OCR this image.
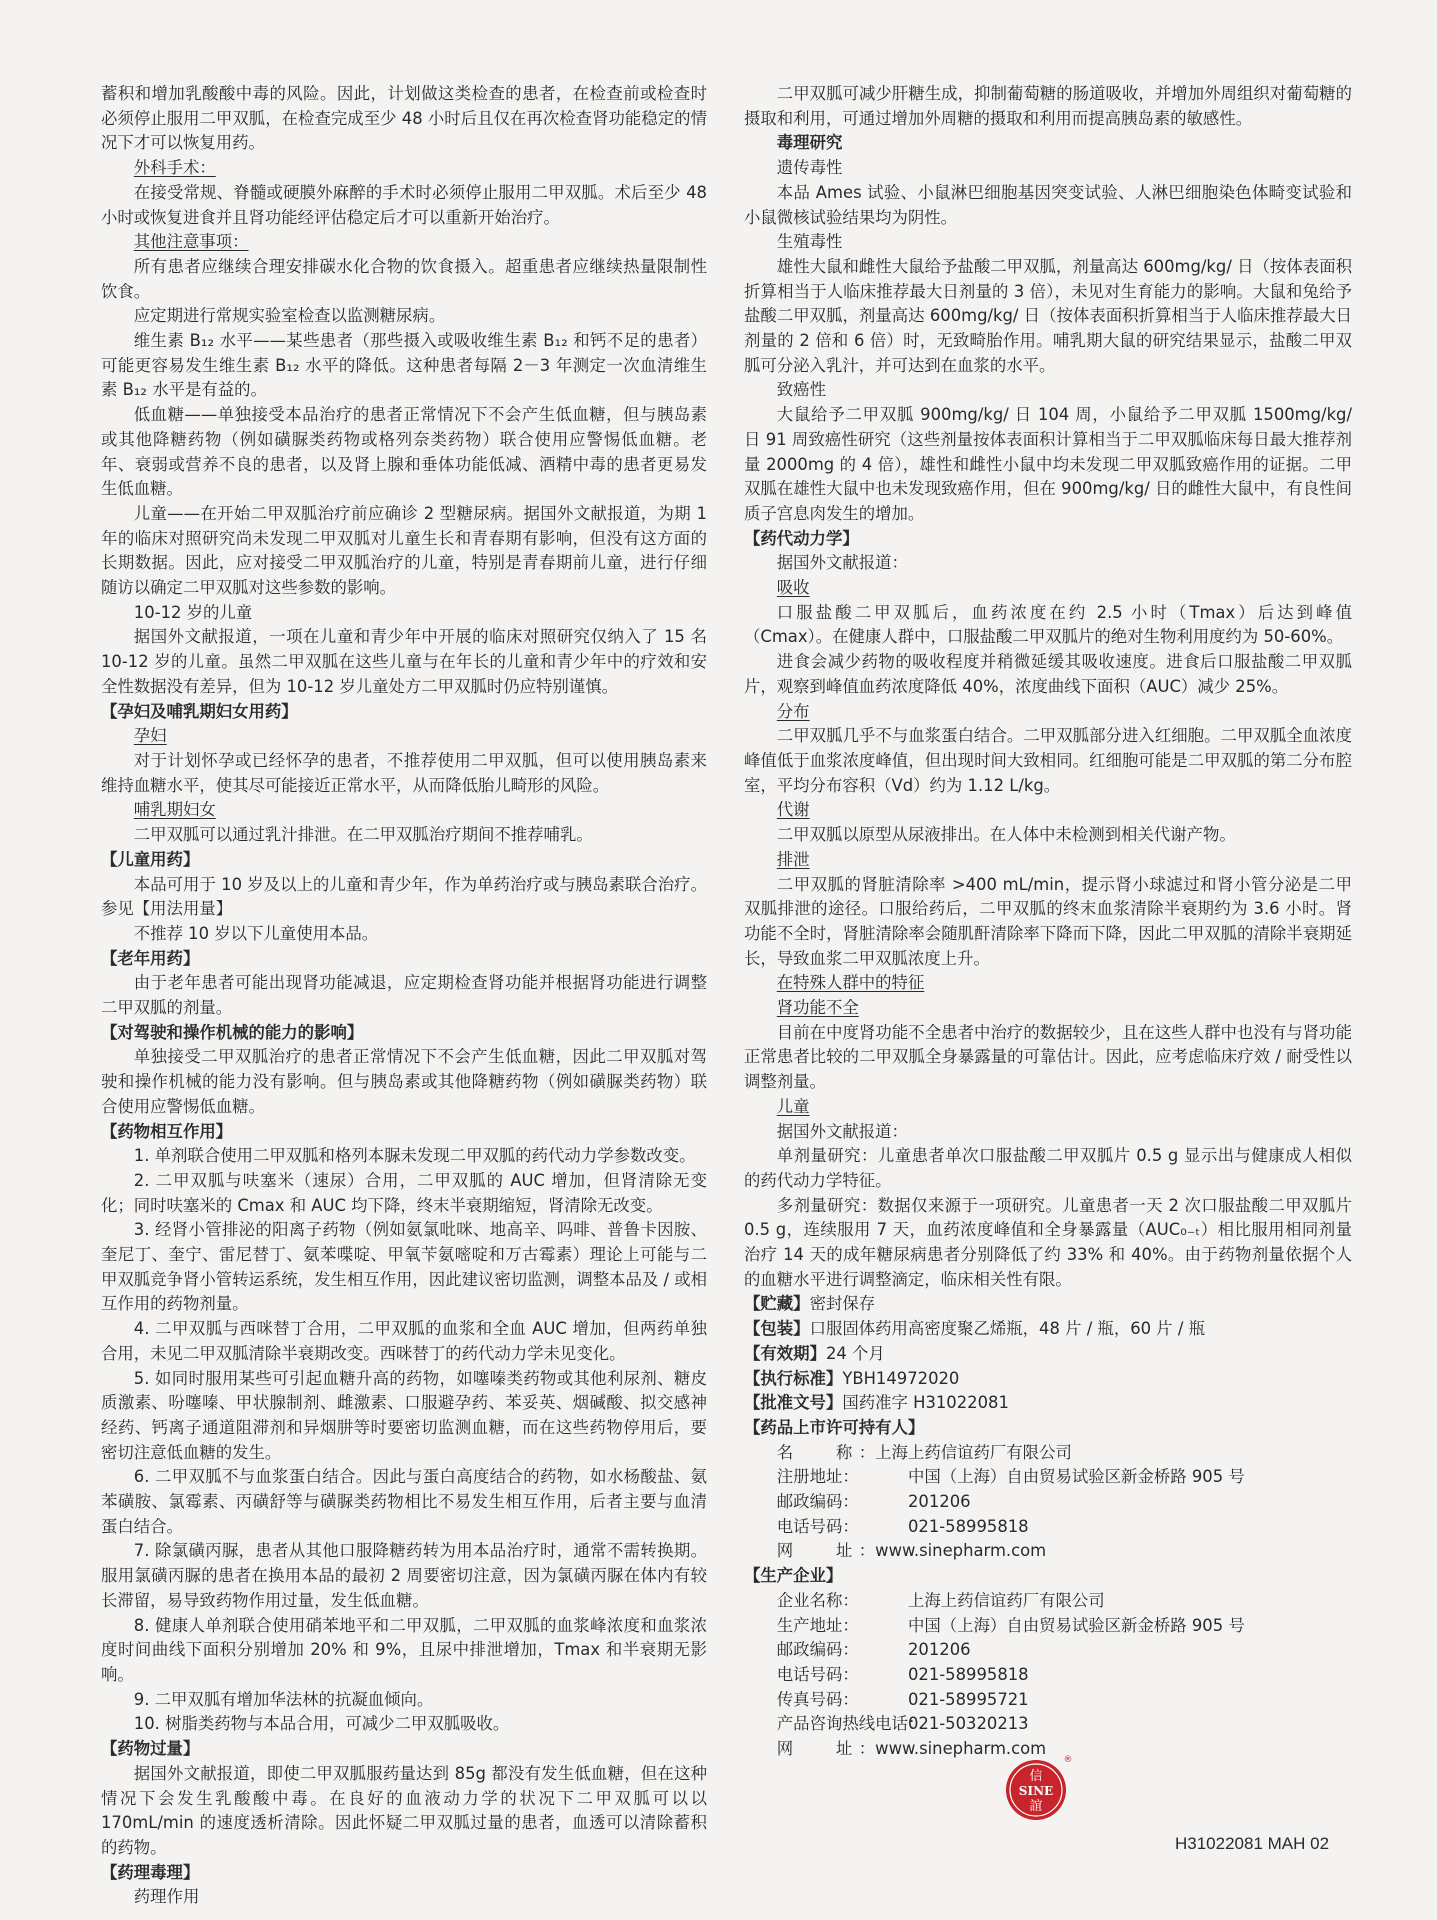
蓄积和增加乳酸酸中毒的风险。因此，计划做这类检查的患者，在检查前或检查时必须停止服用二甲双胍，在检查完成至少 48 小时后且仅在再次检查肾功能稳定的情况下才可以恢复用药。

外科手术：

在接受常规、脊髓或硬膜外麻醉的手术时必须停止服用二甲双胍。术后至少 48 小时或恢复进食并且肾功能经评估稳定后才可以重新开始治疗。

其他注意事项：

所有患者应继续合理安排碳水化合物的饮食摄入。超重患者应继续热量限制性饮食。

应定期进行常规实验室检查以监测糖尿病。

维生素 B₁₂ 水平——某些患者（那些摄入或吸收维生素 B₁₂ 和钙不足的患者）可能更容易发生维生素 B₁₂ 水平的降低。这种患者每隔 2－3 年测定一次血清维生素 B₁₂ 水平是有益的。

低血糖——单独接受本品治疗的患者正常情况下不会产生低血糖，但与胰岛素或其他降糖药物（例如磺脲类药物或格列奈类药物）联合使用应警惕低血糖。老年、衰弱或营养不良的患者，以及肾上腺和垂体功能低减、酒精中毒的患者更易发生低血糖。

儿童——在开始二甲双胍治疗前应确诊 2 型糖尿病。据国外文献报道，为期 1 年的临床对照研究尚未发现二甲双胍对儿童生长和青春期有影响，但没有这方面的长期数据。因此，应对接受二甲双胍治疗的儿童，特别是青春期前儿童，进行仔细随访以确定二甲双胍对这些参数的影响。

10-12 岁的儿童

据国外文献报道，一项在儿童和青少年中开展的临床对照研究仅纳入了 15 名 10-12 岁的儿童。虽然二甲双胍在这些儿童与在年长的儿童和青少年中的疗效和安全性数据没有差异，但为 10-12 岁儿童处方二甲双胍时仍应特别谨慎。

【 孕妇及哺乳期妇女用药 】

孕妇

对于计划怀孕或已经怀孕的患者，不推荐使用二甲双胍，但可以使用胰岛素来维持血糖水平，使其尽可能接近正常水平，从而降低胎儿畸形的风险。

哺乳期妇女

二甲双胍可以通过乳汁排泄。在二甲双胍治疗期间不推荐哺乳。

【 儿童用药 】

本品可用于 10 岁及以上的儿童和青少年，作为单药治疗或与胰岛素联合治疗。参见【用法用量】

不推荐 10 岁以下儿童使用本品。

【 老年用药 】

由于老年患者可能出现肾功能减退，应定期检查肾功能并根据肾功能进行调整二甲双胍的剂量。

【 对驾驶和操作机械的能力的影响 】

单独接受二甲双胍治疗的患者正常情况下不会产生低血糖，因此二甲双胍对驾驶和操作机械的能力没有影响。但与胰岛素或其他降糖药物（例如磺脲类药物）联合使用应警惕低血糖。

【 药物相互作用 】

1. 单剂联合使用二甲双胍和格列本脲未发现二甲双胍的药代动力学参数改变。

2. 二甲双胍与呋塞米（速尿）合用，二甲双胍的 AUC 增加，但肾清除无变化；同时呋塞米的 Cmax 和 AUC 均下降，终末半衰期缩短，肾清除无改变。

3. 经肾小管排泌的阳离子药物（例如氨氯吡咪、地高辛、吗啡、普鲁卡因胺、奎尼丁、奎宁、雷尼替丁、氨苯喋啶、甲氧苄氨嘧啶和万古霉素）理论上可能与二甲双胍竞争肾小管转运系统，发生相互作用，因此建议密切监测，调整本品及 / 或相互作用的药物剂量。

4. 二甲双胍与西咪替丁合用，二甲双胍的血浆和全血 AUC 增加，但两药单独合用，未见二甲双胍清除半衰期改变。西咪替丁的药代动力学未见变化。

5. 如同时服用某些可引起血糖升高的药物，如噻嗪类药物或其他利尿剂、糖皮质激素、吩噻嗪、甲状腺制剂、雌激素、口服避孕药、苯妥英、烟碱酸、拟交感神经药、钙离子通道阻滞剂和异烟肼等时要密切监测血糖，而在这些药物停用后，要密切注意低血糖的发生。

6. 二甲双胍不与血浆蛋白结合。因此与蛋白高度结合的药物，如水杨酸盐、氨苯磺胺、氯霉素、丙磺舒等与磺脲类药物相比不易发生相互作用，后者主要与血清蛋白结合。

7. 除氯磺丙脲，患者从其他口服降糖药转为用本品治疗时，通常不需转换期。服用氯磺丙脲的患者在换用本品的最初 2 周要密切注意，因为氯磺丙脲在体内有较长滞留，易导致药物作用过量，发生低血糖。

8. 健康人单剂联合使用硝苯地平和二甲双胍，二甲双胍的血浆峰浓度和血浆浓度时间曲线下面积分别增加 20% 和 9%，且尿中排泄增加，Tmax 和半衰期无影响。

9. 二甲双胍有增加华法林的抗凝血倾向。

10. 树脂类药物与本品合用，可减少二甲双胍吸收。

【 药物过量 】

据国外文献报道，即使二甲双胍服药量达到 85g 都没有发生低血糖，但在这种情况下会发生乳酸酸中毒。在良好的血液动力学的状况下二甲双胍可以以 170mL/min 的速度透析清除。因此怀疑二甲双胍过量的患者，血透可以清除蓄积的药物。

【 药理毒理 】

药理作用

二甲双胍可减少肝糖生成，抑制葡萄糖的肠道吸收，并增加外周组织对葡萄糖的摄取和利用，可通过增加外周糖的摄取和利用而提高胰岛素的敏感性。

毒理研究

遗传毒性

本品 Ames 试验、小鼠淋巴细胞基因突变试验、人淋巴细胞染色体畸变试验和小鼠微核试验结果均为阴性。

生殖毒性

雄性大鼠和雌性大鼠给予盐酸二甲双胍，剂量高达 600mg/kg/ 日（按体表面积折算相当于人临床推荐最大日剂量的 3 倍），未见对生育能力的影响。大鼠和兔给予盐酸二甲双胍，剂量高达 600mg/kg/ 日（按体表面积折算相当于人临床推荐最大日剂量的 2 倍和 6 倍）时，无致畸胎作用。哺乳期大鼠的研究结果显示，盐酸二甲双胍可分泌入乳汁，并可达到在血浆的水平。

致癌性

大鼠给予二甲双胍 900mg/kg/ 日 104 周，小鼠给予二甲双胍 1500mg/kg/ 日 91 周致癌性研究（这些剂量按体表面积计算相当于二甲双胍临床每日最大推荐剂量 2000mg 的 4 倍），雄性和雌性小鼠中均未发现二甲双胍致癌作用的证据。二甲双胍在雄性大鼠中也未发现致癌作用，但在 900mg/kg/ 日的雌性大鼠中，有良性间质子宫息肉发生的增加。

【 药代动力学 】

据国外文献报道：

吸收

口服盐酸二甲双胍后，血药浓度在约 2.5 小时（Tmax）后达到峰值（Cmax）。在健康人群中，口服盐酸二甲双胍片的绝对生物利用度约为 50-60%。

进食会减少药物的吸收程度并稍微延缓其吸收速度。进食后口服盐酸二甲双胍片，观察到峰值血药浓度降低 40%，浓度曲线下面积（AUC）减少 25%。

分布

二甲双胍几乎不与血浆蛋白结合。二甲双胍部分进入红细胞。二甲双胍全血浓度峰值低于血浆浓度峰值，但出现时间大致相同。红细胞可能是二甲双胍的第二分布腔室，平均分布容积（Vd）约为 1.12 L/kg。

代谢

二甲双胍以原型从尿液排出。在人体中未检测到相关代谢产物。

排泄

二甲双胍的肾脏清除率 >400 mL/min，提示肾小球滤过和肾小管分泌是二甲双胍排泄的途径。口服给药后，二甲双胍的终末血浆清除半衰期约为 3.6 小时。肾功能不全时，肾脏清除率会随肌酐清除率下降而下降，因此二甲双胍的清除半衰期延长，导致血浆二甲双胍浓度上升。

在特殊人群中的特征

肾功能不全

目前在中度肾功能不全患者中治疗的数据较少，且在这些人群中也没有与肾功能正常患者比较的二甲双胍全身暴露量的可靠估计。因此，应考虑临床疗效 / 耐受性以调整剂量。

儿童

据国外文献报道：

单剂量研究：儿童患者单次口服盐酸二甲双胍片 0.5 g 显示出与健康成人相似的药代动力学特征。

多剂量研究：数据仅来源于一项研究。儿童患者一天 2 次口服盐酸二甲双胍片 0.5 g，连续服用 7 天，血药浓度峰值和全身暴露量（AUC₀₋ₜ）相比服用相同剂量治疗 14 天的成年糖尿病患者分别降低了约 33% 和 40%。由于药物剂量依据个人的血糖水平进行调整滴定，临床相关性有限。

【 贮藏 】 密封保存

【 包装 】 口服固体药用高密度聚乙烯瓶，48 片 / 瓶，60 片 / 瓶

【 有效期 】 24 个月

【 执行标准 】 YBH14972020

【 批准文号 】 国药准字 H31022081

【 药品上市许可持有人 】

名　称	： 上海上药信谊药厂有限公司

注册地址 ：	中国（上海）自由贸易试验区新金桥路 905 号

邮政编码 ：	201206

电话号码 ：	021-58995818

网　址	： www.sinepharm.com

【 生产企业 】

企业名称 ：	上海上药信谊药厂有限公司

生产地址 ：	中国（上海）自由贸易试验区新金桥路 905 号

邮政编码 ：	201206

电话号码 ：	021-58995818

传真号码 ：	021-58995721

产品咨询热线电话 ： 021-50320213

网　址	： www.sinepharm.com

信
SINE
誼
®
H31022081 MAH 02
